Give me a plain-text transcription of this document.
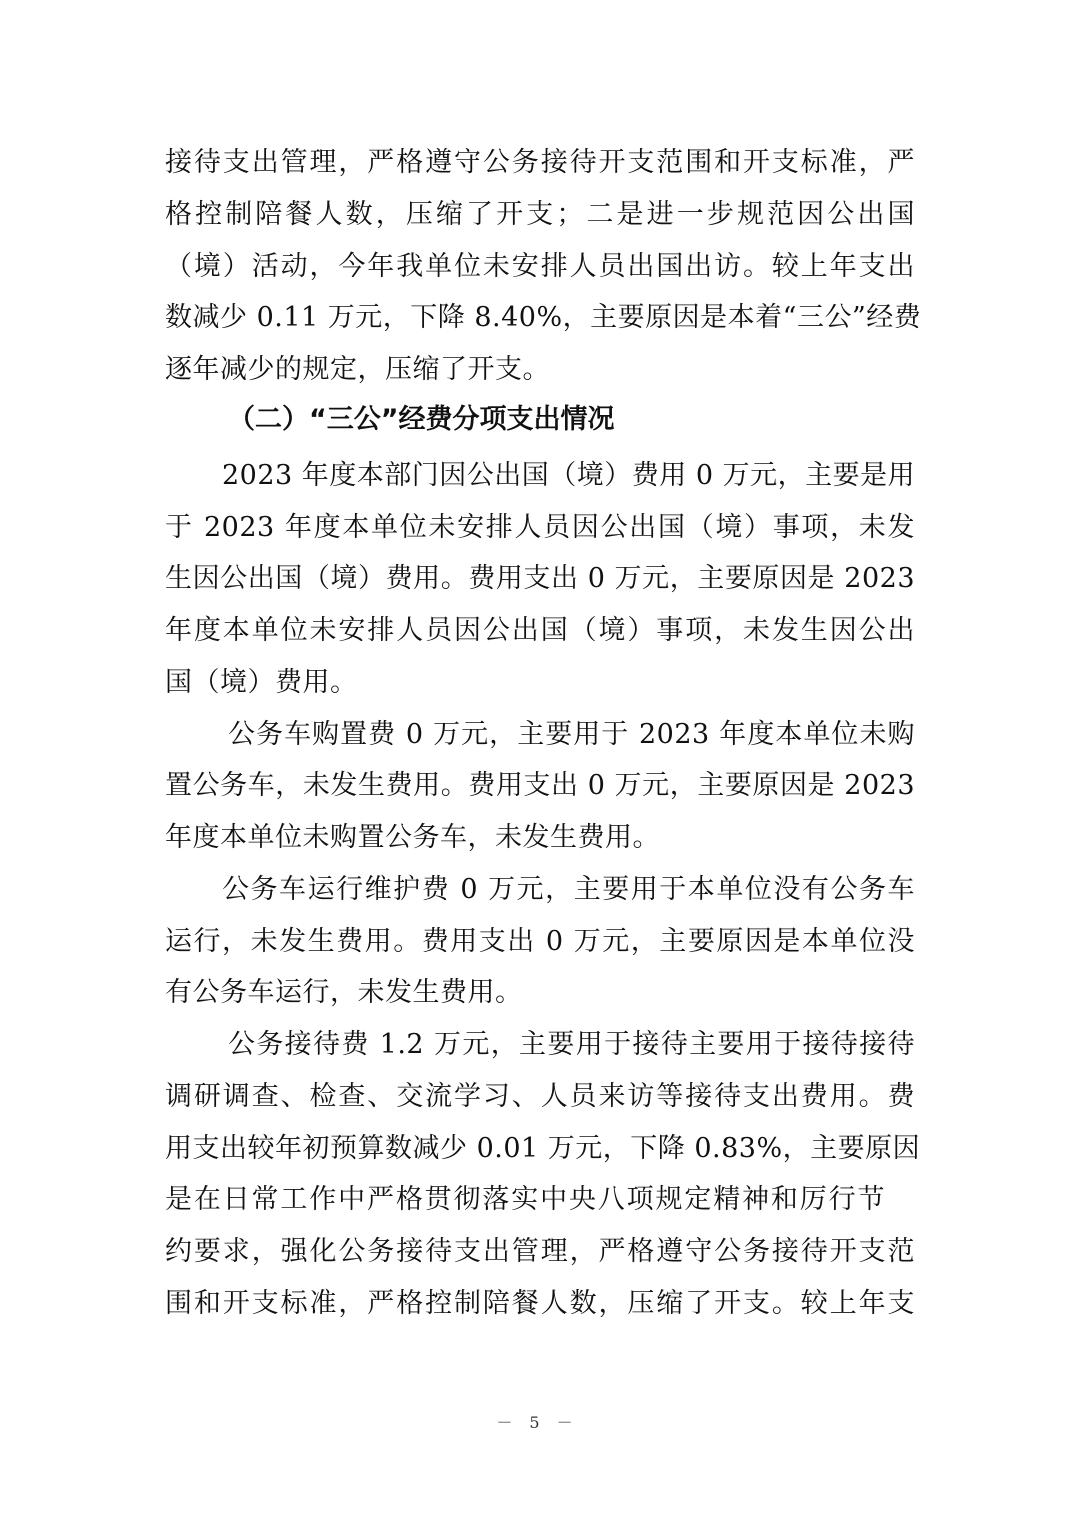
接待支出管理，严格遵守公务接待开支范围和开支标准，严
格控制陪餐人数，压缩了开支；二是进一步规范因公出国
（境）活动，今年我单位未安排人员出国出访。较上年支出
数减少 0.11 万元，下降 8.40%，主要原因是本着“三公”经费
逐年减少的规定，压缩了开支。
（二）“三公”经费分项支出情况
2023 年度本部门因公出国（境）费用 0 万元，主要是用
于 2023 年度本单位未安排人员因公出国（境）事项，未发
生因公出国（境）费用。费用支出 0 万元，主要原因是 2023
年度本单位未安排人员因公出国（境）事项，未发生因公出
国（境）费用。
公务车购置费 0 万元，主要用于 2023 年度本单位未购
置公务车，未发生费用。费用支出 0 万元，主要原因是 2023
年度本单位未购置公务车，未发生费用。
公务车运行维护费 0 万元，主要用于本单位没有公务车
运行，未发生费用。费用支出 0 万元，主要原因是本单位没
有公务车运行，未发生费用。
公务接待费 1.2 万元，主要用于接待主要用于接待接待
调研调查、检查、交流学习、人员来访等接待支出费用。费
用支出较年初预算数减少 0.01 万元，下降 0.83%，主要原因
是在日常工作中严格贯彻落实中央八项规定精神和厉行节
约要求，强化公务接待支出管理，严格遵守公务接待开支范
围和开支标准，严格控制陪餐人数，压缩了开支。较上年支
－ 5 －
